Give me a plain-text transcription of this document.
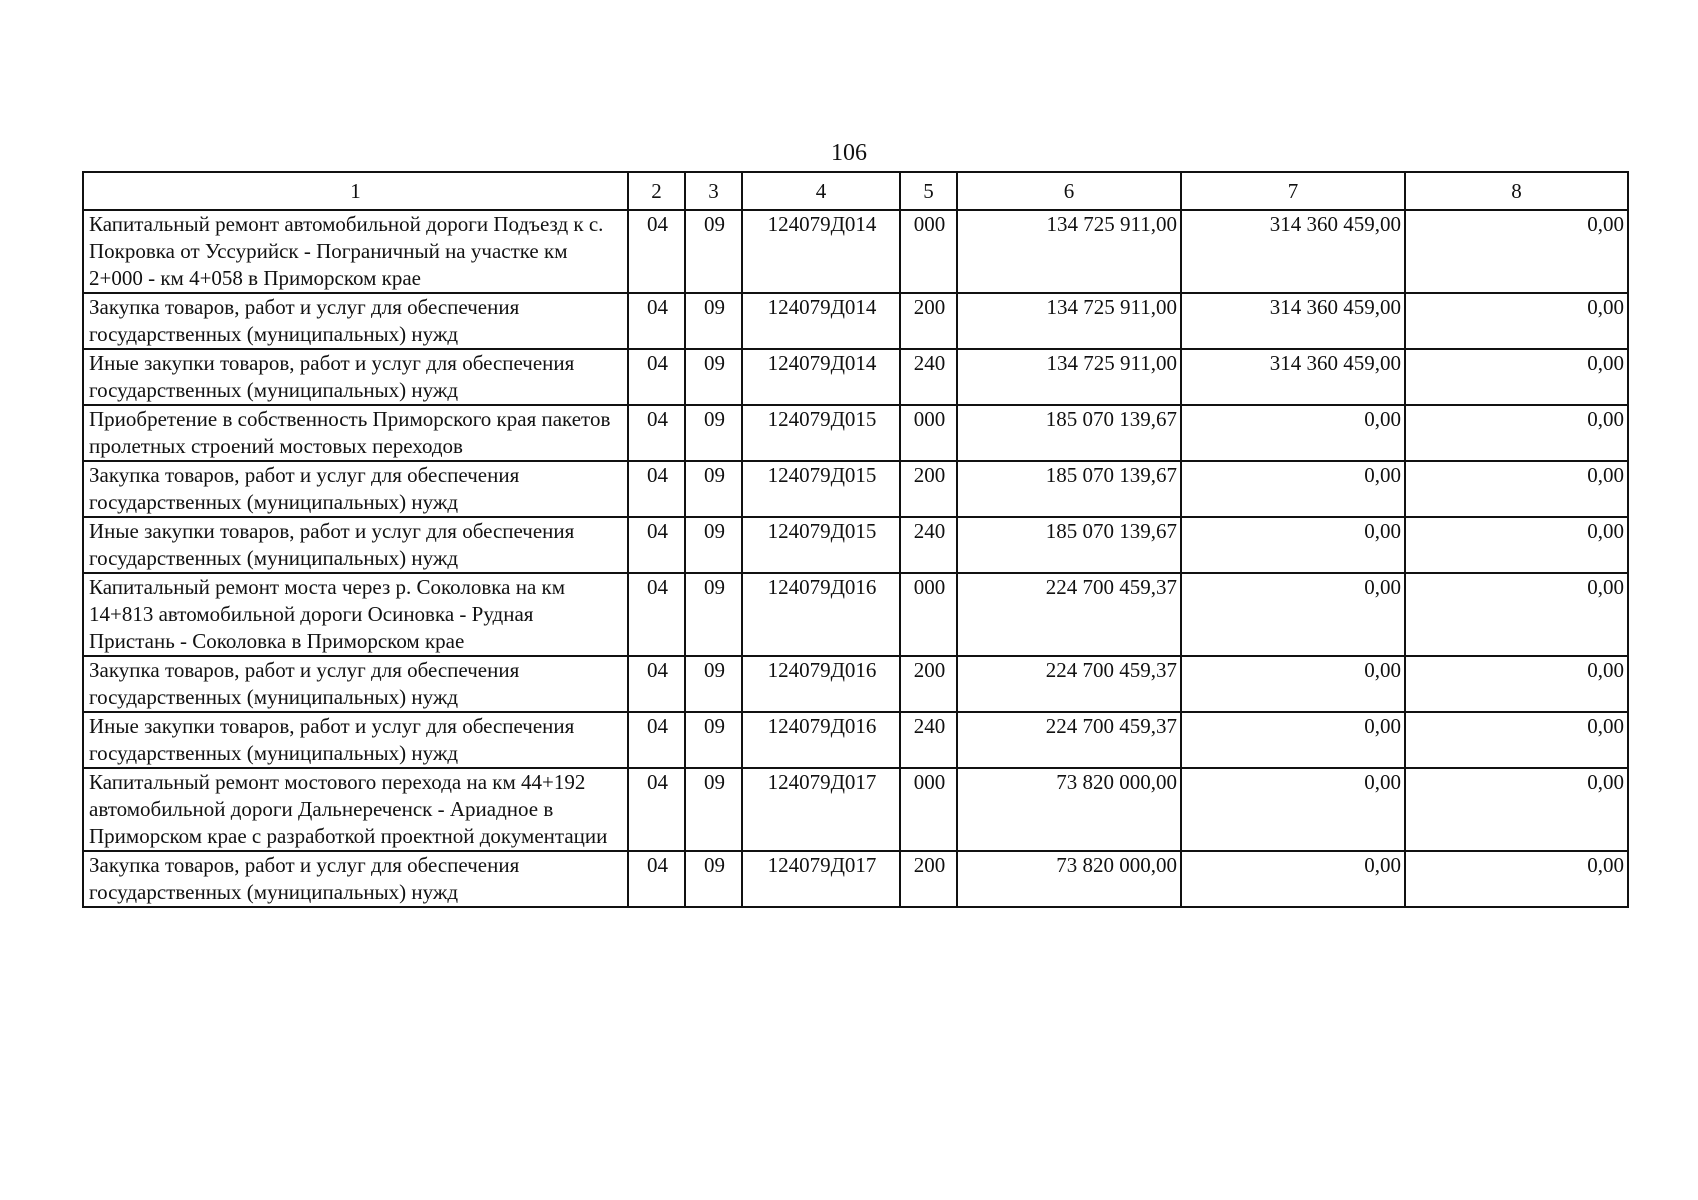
106
1	2	3	4	5	6	7	8
Капитальный ремонт автомобильной дороги Подъезд к с. Покровка от Уссурийск - Пограничный на участке км 2+000 - км 4+058 в Приморском крае	04	09	124079Д014	000	134 725 911,00	314 360 459,00	0,00
Закупка товаров, работ и услуг для обеспечения государственных (муниципальных) нужд	04	09	124079Д014	200	134 725 911,00	314 360 459,00	0,00
Иные закупки товаров, работ и услуг для обеспечения государственных (муниципальных) нужд	04	09	124079Д014	240	134 725 911,00	314 360 459,00	0,00
Приобретение в собственность Приморского края пакетов пролетных строений мостовых переходов	04	09	124079Д015	000	185 070 139,67	0,00	0,00
Закупка товаров, работ и услуг для обеспечения государственных (муниципальных) нужд	04	09	124079Д015	200	185 070 139,67	0,00	0,00
Иные закупки товаров, работ и услуг для обеспечения государственных (муниципальных) нужд	04	09	124079Д015	240	185 070 139,67	0,00	0,00
Капитальный ремонт моста через р. Соколовка на км 14+813 автомобильной дороги Осиновка - Рудная Пристань - Соколовка в Приморском крае	04	09	124079Д016	000	224 700 459,37	0,00	0,00
Закупка товаров, работ и услуг для обеспечения государственных (муниципальных) нужд	04	09	124079Д016	200	224 700 459,37	0,00	0,00
Иные закупки товаров, работ и услуг для обеспечения государственных (муниципальных) нужд	04	09	124079Д016	240	224 700 459,37	0,00	0,00
Капитальный ремонт мостового перехода на км 44+192 автомобильной дороги Дальнереченск - Ариадное в Приморском крае с разработкой проектной документации	04	09	124079Д017	000	73 820 000,00	0,00	0,00
Закупка товаров, работ и услуг для обеспечения государственных (муниципальных) нужд	04	09	124079Д017	200	73 820 000,00	0,00	0,00
